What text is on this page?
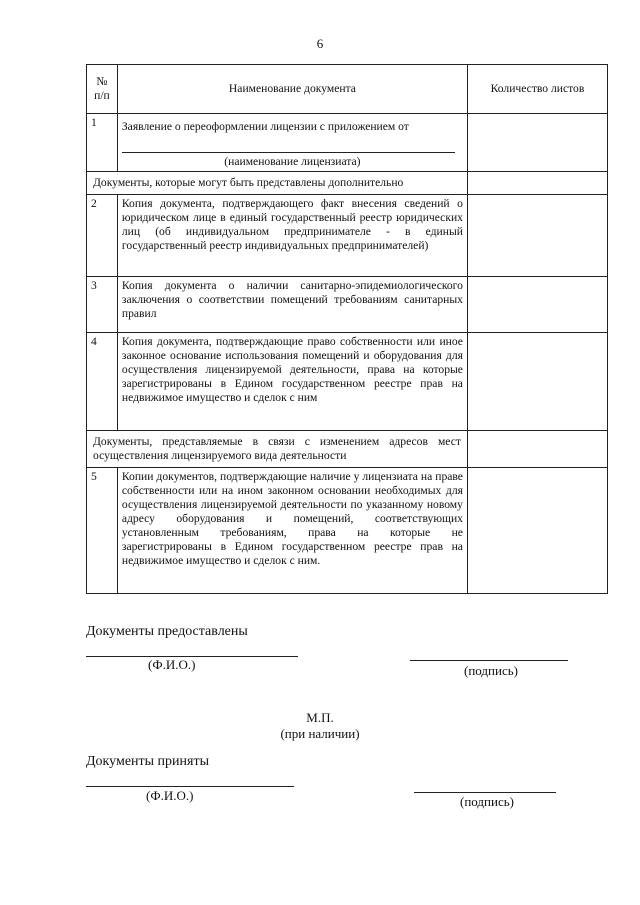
6
№ п/п	Наименование документа	Количество листов
1	Заявление о переоформлении лицензии с приложением от
(наименование лицензиата)	

Документы, которые могут быть представлены дополнительно		
2	Копия документа, подтверждающего факт внесения сведений о юридическом лице в единый государственный реестр юридических лиц (об индивидуальном предпринимателе - в единый государственный реестр индивидуальных предпринимателей)	
3	Копия документа о наличии санитарно-эпидемиологического заключения о соответствии помещений требованиям санитарных правил	
4	Копия документа, подтверждающие право собственности или иное законное основание использования помещений и оборудования для осуществления лицензируемой деятельности, права на которые зарегистрированы в Едином государственном реестре прав на недвижимое имущество и сделок с ним	
Документы, представляемые в связи с изменением адресов мест осуществления лицензируемого вида деятельности		
5	Копии документов, подтверждающие наличие у лицензиата на праве собственности или на ином законном основании необходимых для осуществления лицензируемой деятельности по указанному новому адресу оборудования и помещений, соответствующих установленным требованиям, права на которые не зарегистрированы в Едином государственном реестре прав на недвижимое имущество и сделок с ним.	
Документы предоставлены
(Ф.И.О.)	(подпись)
М.П.
(при наличии)
Документы приняты
(Ф.И.О.)	(подпись)
